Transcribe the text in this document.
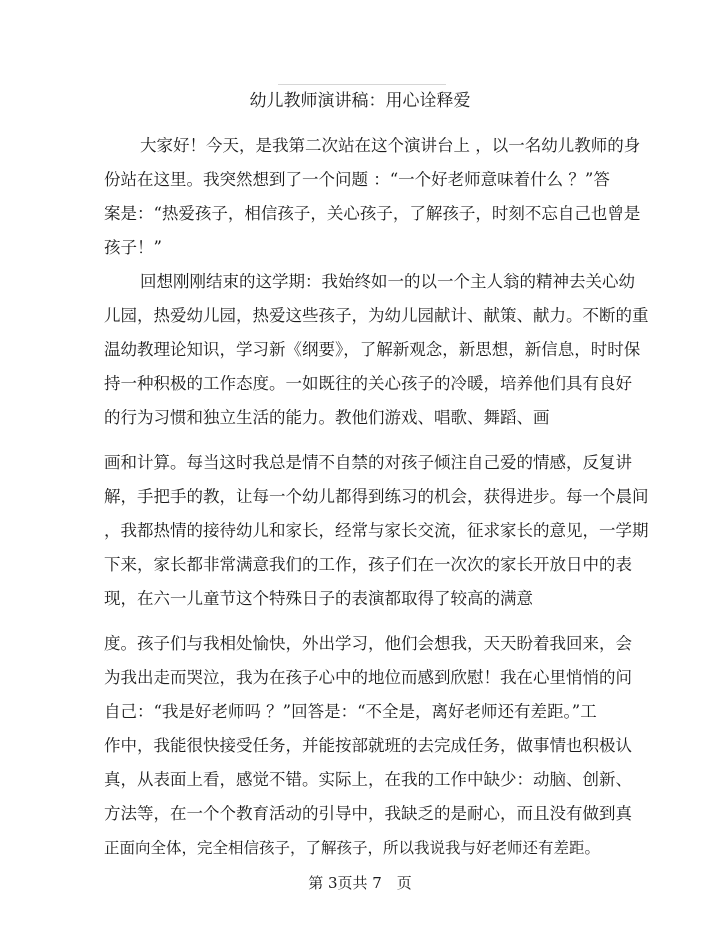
幼儿教师演讲稿：用心诠释爱
大家好！今天，是我第二次站在这个演讲台上 ，以一名幼儿教师的身
份站在这里。我突然想到了一个问题 ：“一个好老师意味着什么 ？”答
案是：“热爱孩子，相信孩子，关心孩子，了解孩子，时刻不忘自己也曾是
孩子！”
回想刚刚结束的这学期：我始终如一的以一个主人翁的精神去关心幼
儿园，热爱幼儿园，热爱这些孩子，为幼儿园献计、献策、献力。不断的重
温幼教理论知识，学习新《纲要》，了解新观念，新思想，新信息，时时保
持一种积极的工作态度。一如既往的关心孩子的冷暖，培养他们具有良好
的行为习惯和独立生活的能力。教他们游戏、唱歌、舞蹈、画
画和计算。每当这时我总是情不自禁的对孩子倾注自己爱的情感，反复讲
解，手把手的教，让每一个幼儿都得到练习的机会，获得进步。每一个晨间
，我都热情的接待幼儿和家长，经常与家长交流，征求家长的意见，一学期
下来，家长都非常满意我们的工作，孩子们在一次次的家长开放日中的表
现，在六一儿童节这个特殊日子的表演都取得了较高的满意
度。孩子们与我相处愉快，外出学习，他们会想我，天天盼着我回来，会
为我出走而哭泣，我为在孩子心中的地位而感到欣慰！我在心里悄悄的问
自己：“我是好老师吗 ？”回答是：“不全是，离好老师还有差距。”工
作中，我能很快接受任务，并能按部就班的去完成任务，做事情也积极认
真，从表面上看，感觉不错。实际上，在我的工作中缺少：动脑、创新、
方法等，在一个个教育活动的引导中，我缺乏的是耐心，而且没有做到真
正面向全体，完全相信孩子，了解孩子，所以我说我与好老师还有差距。
第 3页共 7　页
